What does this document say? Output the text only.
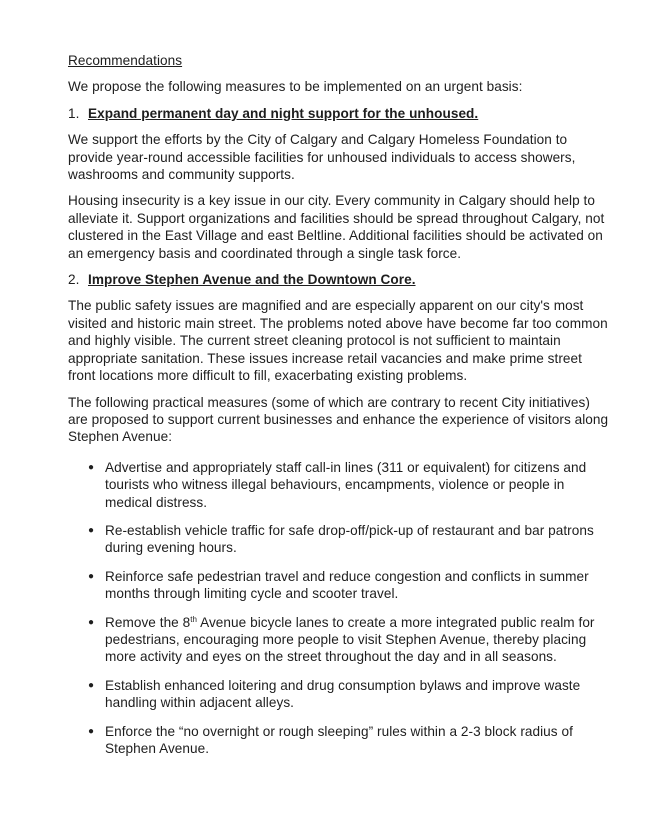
Recommendations

We propose the following measures to be implemented on an urgent basis:

1. Expand permanent day and night support for the unhoused.

We support the efforts by the City of Calgary and Calgary Homeless Foundation to provide year-round accessible facilities for unhoused individuals to access showers, washrooms and community supports.

Housing insecurity is a key issue in our city. Every community in Calgary should help to alleviate it. Support organizations and facilities should be spread throughout Calgary, not clustered in the East Village and east Beltline. Additional facilities should be activated on an emergency basis and coordinated through a single task force.

2. Improve Stephen Avenue and the Downtown Core.

The public safety issues are magnified and are especially apparent on our city's most visited and historic main street. The problems noted above have become far too common and highly visible. The current street cleaning protocol is not sufficient to maintain appropriate sanitation. These issues increase retail vacancies and make prime street front locations more difficult to fill, exacerbating existing problems.

The following practical measures (some of which are contrary to recent City initiatives) are proposed to support current businesses and enhance the experience of visitors along Stephen Avenue:

● Advertise and appropriately staff call-in lines (311 or equivalent) for citizens and tourists who witness illegal behaviours, encampments, violence or people in medical distress.
● Re-establish vehicle traffic for safe drop-off/pick-up of restaurant and bar patrons during evening hours.
● Reinforce safe pedestrian travel and reduce congestion and conflicts in summer months through limiting cycle and scooter travel.
● Remove the 8th Avenue bicycle lanes to create a more integrated public realm for pedestrians, encouraging more people to visit Stephen Avenue, thereby placing more activity and eyes on the street throughout the day and in all seasons.
● Establish enhanced loitering and drug consumption bylaws and improve waste handling within adjacent alleys.
● Enforce the “no overnight or rough sleeping” rules within a 2-3 block radius of Stephen Avenue.
